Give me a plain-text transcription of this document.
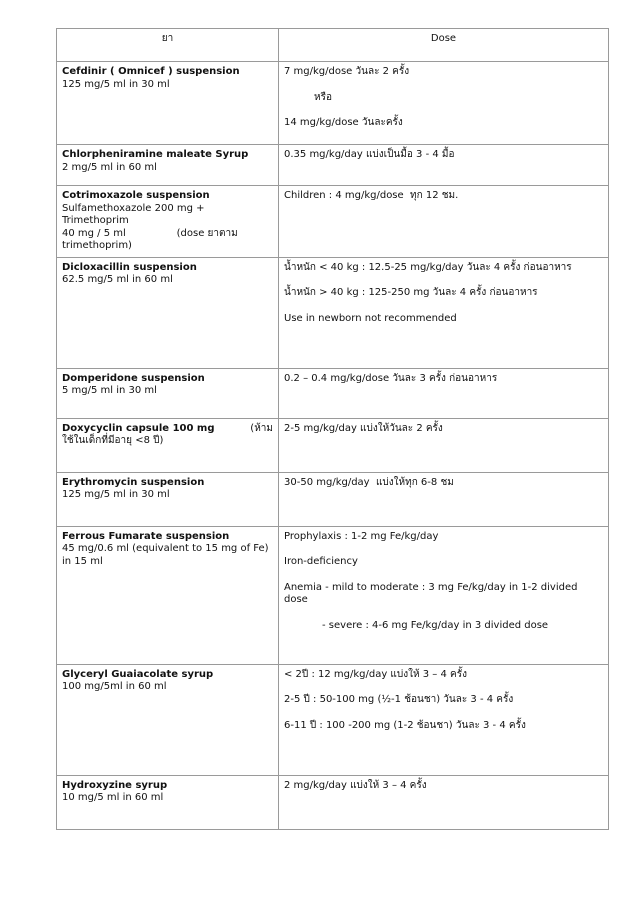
ยา	Dose

Cefdinir ( Omnicef ) suspension
125 mg/5 ml in 30 ml	7 mg/kg/dose วันละ 2 ครั้ง
หรือ
14 mg/kg/dose วันละครั้ง

Chlorpheniramine maleate Syrup
2 mg/5 ml in 60 ml	0.35 mg/kg/day แบ่งเป็นมื้อ 3 - 4 มื้อ

Cotrimoxazole suspension
Sulfamethoxazole 200 mg + Trimethoprim
40 mg / 5 ml                (dose ยาตาม
trimethoprim)	Children : 4 mg/kg/dose  ทุก 12 ชม.

Dicloxacillin suspension
62.5 mg/5 ml in 60 ml	น้ำหนัก < 40 kg : 12.5-25 mg/kg/day วันละ 4 ครั้ง ก่อนอาหาร
น้ำหนัก > 40 kg : 125-250 mg วันละ 4 ครั้ง ก่อนอาหาร
Use in newborn not recommended

Domperidone suspension
5 mg/5 ml in 30 ml	0.2 – 0.4 mg/kg/dose วันละ 3 ครั้ง ก่อนอาหาร

Doxycyclin capsule 100 mg (ห้าม
ใช้ในเด็กที่มีอายุ <8 ปี)	2-5 mg/kg/day แบ่งให้วันละ 2 ครั้ง

Erythromycin suspension
125 mg/5 ml in 30 ml	30-50 mg/kg/day  แบ่งให้ทุก 6-8 ชม

Ferrous Fumarate suspension
45 mg/0.6 ml (equivalent to 15 mg of Fe)
in 15 ml	Prophylaxis : 1-2 mg Fe/kg/day
Iron-deficiency
Anemia - mild to moderate : 3 mg Fe/kg/day in 1-2 divided dose
- severe : 4-6 mg Fe/kg/day in 3 divided dose

Glyceryl Guaiacolate syrup
100 mg/5ml in 60 ml	< 2ปี : 12 mg/kg/day แบ่งให้ 3 – 4 ครั้ง
2-5 ปี : 50-100 mg (½-1 ช้อนชา) วันละ 3 - 4 ครั้ง
6-11 ปี : 100 -200 mg (1-2 ช้อนชา) วันละ 3 - 4 ครั้ง

Hydroxyzine syrup
10 mg/5 ml in 60 ml	2 mg/kg/day แบ่งให้ 3 – 4 ครั้ง
